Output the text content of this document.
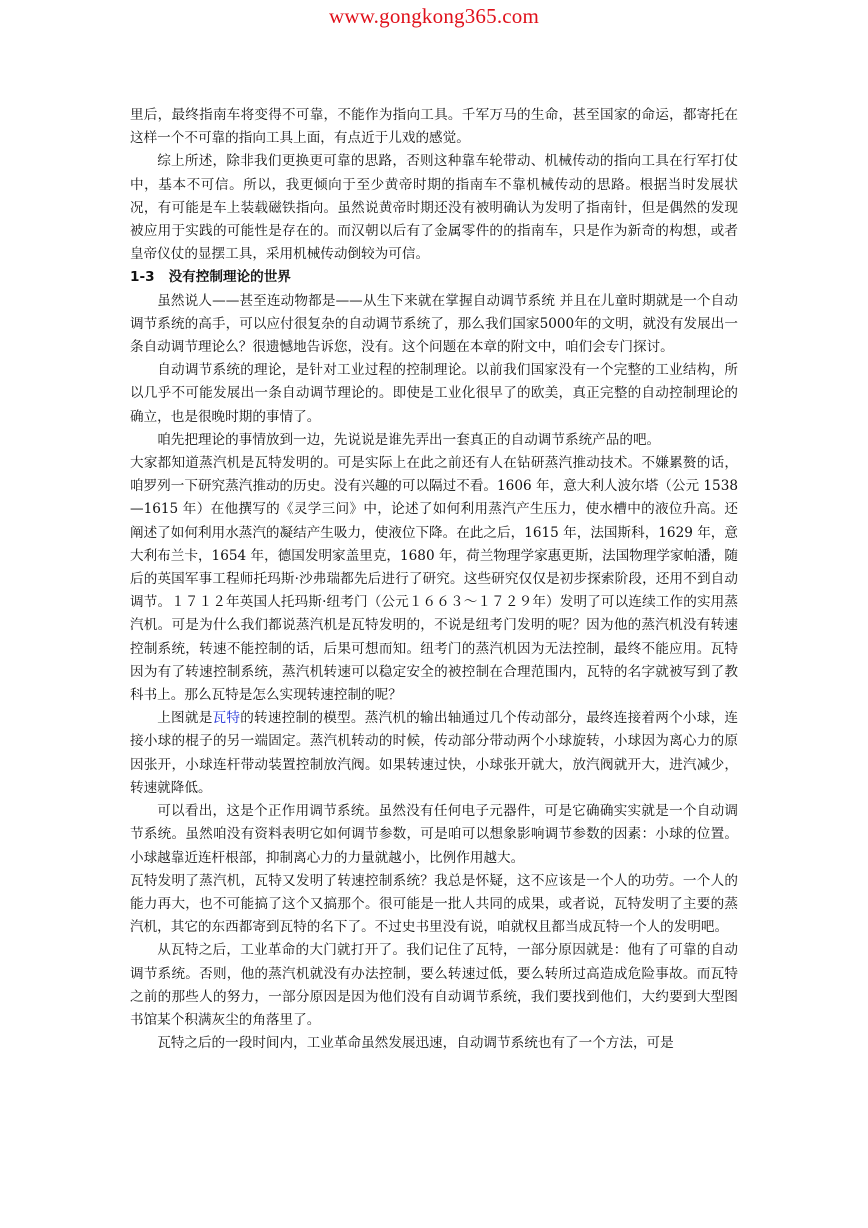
www.gongkong365.com

里后，最终指南车将变得不可靠，不能作为指向工具。千军万马的生命，甚至国家的命运，都寄托在这样一个不可靠的指向工具上面，有点近于儿戏的感觉。

综上所述，除非我们更换更可靠的思路，否则这种靠车轮带动、机械传动的指向工具在行军打仗中，基本不可信。所以，我更倾向于至少黄帝时期的指南车不靠机械传动的思路。根据当时发展状况，有可能是车上装载磁铁指向。虽然说黄帝时期还没有被明确认为发明了指南针，但是偶然的发现被应用于实践的可能性是存在的。而汉朝以后有了金属零件的的指南车，只是作为新奇的构想，或者皇帝仪仗的显摆工具，采用机械传动倒较为可信。

1-3 没有控制理论的世界

虽然说人——甚至连动物都是——从生下来就在掌握自动调节系统 并且在儿童时期就是一个自动调节系统的高手，可以应付很复杂的自动调节系统了，那么我们国家5000年的文明，就没有发展出一条自动调节理论么？很遗憾地告诉您，没有。这个问题在本章的附文中，咱们会专门探讨。

自动调节系统的理论，是针对工业过程的控制理论。以前我们国家没有一个完整的工业结构，所以几乎不可能发展出一条自动调节理论的。即使是工业化很早了的欧美，真正完整的自动控制理论的确立，也是很晚时期的事情了。

咱先把理论的事情放到一边，先说说是谁先弄出一套真正的自动调节系统产品的吧。

大家都知道蒸汽机是瓦特发明的。可是实际上在此之前还有人在钻研蒸汽推动技术。不嫌累赘的话，咱罗列一下研究蒸汽推动的历史。没有兴趣的可以隔过不看。1606 年，意大利人波尔塔（公元 1538—1615 年）在他撰写的《灵学三问》中，论述了如何利用蒸汽产生压力，使水槽中的液位升高。还阐述了如何利用水蒸汽的凝结产生吸力，使液位下降。在此之后，1615 年，法国斯科，1629 年，意大利布兰卡，1654 年，德国发明家盖里克，1680 年，荷兰物理学家惠更斯，法国物理学家帕潘，随后的英国军事工程师托玛斯·沙弗瑞都先后进行了研究。这些研究仅仅是初步探索阶段，还用不到自动调节。１７１２年英国人托玛斯·纽考门（公元１６６３～１７２９年）发明了可以连续工作的实用蒸汽机。可是为什么我们都说蒸汽机是瓦特发明的，不说是纽考门发明的呢？因为他的蒸汽机没有转速控制系统，转速不能控制的话，后果可想而知。纽考门的蒸汽机因为无法控制，最终不能应用。瓦特因为有了转速控制系统，蒸汽机转速可以稳定安全的被控制在合理范围内，瓦特的名字就被写到了教科书上。那么瓦特是怎么实现转速控制的呢？

上图就是瓦特的转速控制的模型。蒸汽机的输出轴通过几个传动部分，最终连接着两个小球，连接小球的棍子的另一端固定。蒸汽机转动的时候，传动部分带动两个小球旋转，小球因为离心力的原因张开，小球连杆带动装置控制放汽阀。如果转速过快，小球张开就大，放汽阀就开大，进汽减少，转速就降低。

可以看出，这是个正作用调节系统。虽然没有任何电子元器件，可是它确确实实就是一个自动调节系统。虽然咱没有资料表明它如何调节参数，可是咱可以想象影响调节参数的因素：小球的位置。小球越靠近连杆根部，抑制离心力的力量就越小，比例作用越大。

瓦特发明了蒸汽机，瓦特又发明了转速控制系统？我总是怀疑，这不应该是一个人的功劳。一个人的能力再大，也不可能搞了这个又搞那个。很可能是一批人共同的成果，或者说，瓦特发明了主要的蒸汽机，其它的东西都寄到瓦特的名下了。不过史书里没有说，咱就权且都当成瓦特一个人的发明吧。

从瓦特之后，工业革命的大门就打开了。我们记住了瓦特，一部分原因就是：他有了可靠的自动调节系统。否则，他的蒸汽机就没有办法控制，要么转速过低，要么转所过高造成危险事故。而瓦特之前的那些人的努力，一部分原因是因为他们没有自动调节系统，我们要找到他们，大约要到大型图书馆某个积满灰尘的角落里了。

瓦特之后的一段时间内，工业革命虽然发展迅速，自动调节系统也有了一个方法，可是
